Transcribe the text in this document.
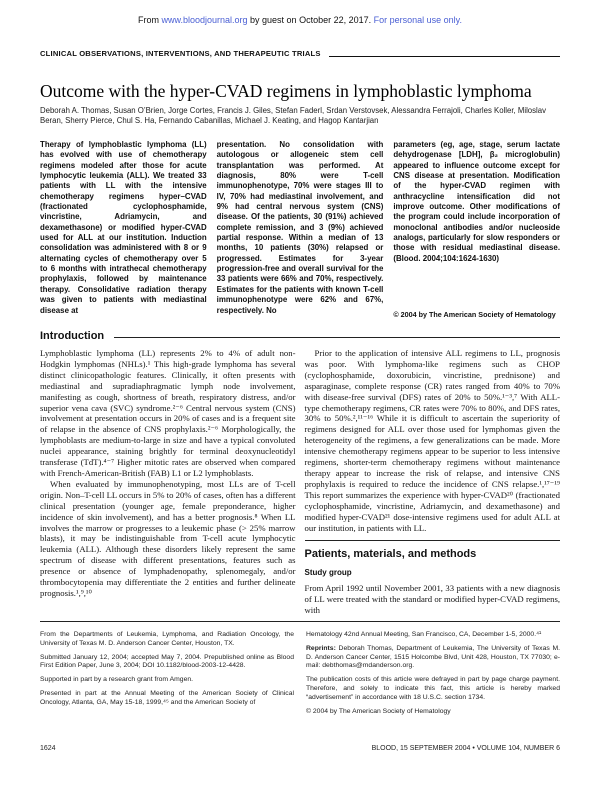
From www.bloodjournal.org by guest on October 22, 2017. For personal use only.
CLINICAL OBSERVATIONS, INTERVENTIONS, AND THERAPEUTIC TRIALS
Outcome with the hyper-CVAD regimens in lymphoblastic lymphoma
Deborah A. Thomas, Susan O’Brien, Jorge Cortes, Francis J. Giles, Stefan Faderl, Srdan Verstovsek, Alessandra Ferrajoli, Charles Koller, Miloslav Beran, Sherry Pierce, Chul S. Ha, Fernando Cabanillas, Michael J. Keating, and Hagop Kantarjian
Therapy of lymphoblastic lymphoma (LL) has evolved with use of chemotherapy regimens modeled after those for acute lymphocytic leukemia (ALL). We treated 33 patients with LL with the intensive chemotherapy regimens hyper–CVAD (fractionated cyclophosphamide, vincristine, Adriamycin, and dexamethasone) or modified hyper-CVAD used for ALL at our institution. Induction consolidation was administered with 8 or 9 alternating cycles of chemotherapy over 5 to 6 months with intrathecal chemotherapy prophylaxis, followed by maintenance therapy. Consolidative radiation therapy was given to patients with mediastinal disease at
presentation. No consolidation with autologous or allogeneic stem cell transplantation was performed. At diagnosis, 80% were T-cell immunophenotype, 70% were stages III to IV, 70% had mediastinal involvement, and 9% had central nervous system (CNS) disease. Of the patients, 30 (91%) achieved complete remission, and 3 (9%) achieved partial response. Within a median of 13 months, 10 patients (30%) relapsed or progressed. Estimates for 3-year progression-free and overall survival for the 33 patients were 66% and 70%, respectively. Estimates for the patients with known T-cell immunophenotype were 62% and 67%, respectively. No
parameters (eg, age, stage, serum lactate dehydrogenase [LDH], β₂ microglobulin) appeared to influence outcome except for CNS disease at presentation. Modification of the hyper-CVAD regimen with anthracycline intensification did not improve outcome. Other modifications of the program could include incorporation of monoclonal antibodies and/or nucleoside analogs, particularly for slow responders or those with residual mediastinal disease. (Blood. 2004;104:1624-1630)
© 2004 by The American Society of Hematology
Introduction

Lymphoblastic lymphoma (LL) represents 2% to 4% of adult non-Hodgkin lymphomas (NHLs).¹ This high-grade lymphoma has several distinct clinicopathologic features. Clinically, it often presents with mediastinal and supradiaphragmatic lymph node involvement, manifesting as cough, shortness of breath, respiratory distress, and/or superior vena cava (SVC) syndrome.²⁻⁶ Central nervous system (CNS) involvement at presentation occurs in 20% of cases and is a frequent site of relapse in the absence of CNS prophylaxis.²⁻⁶ Morphologically, the lymphoblasts are medium-to-large in size and have a typical convoluted nuclei appearance, staining brightly for terminal deoxynucleotidyl transferase (TdT).⁴⁻⁷ Higher mitotic rates are observed when compared with French-American-British (FAB) L1 or L2 lymphoblasts.

When evaluated by immunophenotyping, most LLs are of T-cell origin. Non–T-cell LL occurs in 5% to 20% of cases, often has a different clinical presentation (younger age, female preponderance, higher incidence of skin involvement), and has a better prognosis.⁸ When LL involves the marrow or progresses to a leukemic phase (> 25% marrow blasts), it may be indistinguishable from T-cell acute lymphocytic leukemia (ALL). Although these disorders likely represent the same spectrum of disease with different presentations, features such as presence or absence of lymphadenopathy, splenomegaly, and/or thrombocytopenia may differentiate the 2 entities and further delineate prognosis.¹,⁹,¹⁰

Prior to the application of intensive ALL regimens to LL, prognosis was poor. With lymphoma-like regimens such as CHOP (cyclophosphamide, doxorubicin, vincristine, prednisone) and asparaginase, complete response (CR) rates ranged from 40% to 70% with disease-free survival (DFS) rates of 20% to 50%.¹⁻³,⁷ With ALL-type chemotherapy regimens, CR rates were 70% to 80%, and DFS rates, 30% to 50%.²,¹¹⁻¹⁶ While it is difficult to ascertain the superiority of regimens designed for ALL over those used for lymphomas given the heterogeneity of the regimens, a few generalizations can be made. More intensive chemotherapy regimens appear to be superior to less intensive regimens, shorter-term chemotherapy regimens without maintenance therapy appear to increase the risk of relapse, and intensive CNS prophylaxis is required to reduce the incidence of CNS relapse.¹,¹⁷⁻¹⁹ This report summarizes the experience with hyper-CVAD²⁰ (fractionated cyclophosphamide, vincristine, Adriamycin, and dexamethasone) and modified hyper-CVAD²¹ dose-intensive regimens used for adult ALL at our institution, in patients with LL.

Patients, materials, and methods
Study group

From April 1992 until November 2001, 33 patients with a new diagnosis of LL were treated with the standard or modified hyper-CVAD regimens, with

From the Departments of Leukemia, Lymphoma, and Radiation Oncology, the University of Texas M. D. Anderson Cancer Center, Houston, TX.

Submitted January 12, 2004; accepted May 7, 2004. Prepublished online as Blood First Edition Paper, June 3, 2004; DOI 10.1182/blood-2003-12-4428.

Supported in part by a research grant from Amgen.

Presented in part at the Annual Meeting of the American Society of Clinical Oncology, Atlanta, GA, May 15-18, 1999,⁴⁵ and the American Society of

Hematology 42nd Annual Meeting, San Francisco, CA, December 1-5, 2000.⁴¹

Reprints: Deborah Thomas, Department of Leukemia, The University of Texas M. D. Anderson Cancer Center, 1515 Holcombe Blvd, Unit 428, Houston, TX 77030; e-mail: debthomas@mdanderson.org.

The publication costs of this article were defrayed in part by page charge payment. Therefore, and solely to indicate this fact, this article is hereby marked “advertisement” in accordance with 18 U.S.C. section 1734.

© 2004 by The American Society of Hematology

1624	BLOOD, 15 SEPTEMBER 2004 • VOLUME 104, NUMBER 6
